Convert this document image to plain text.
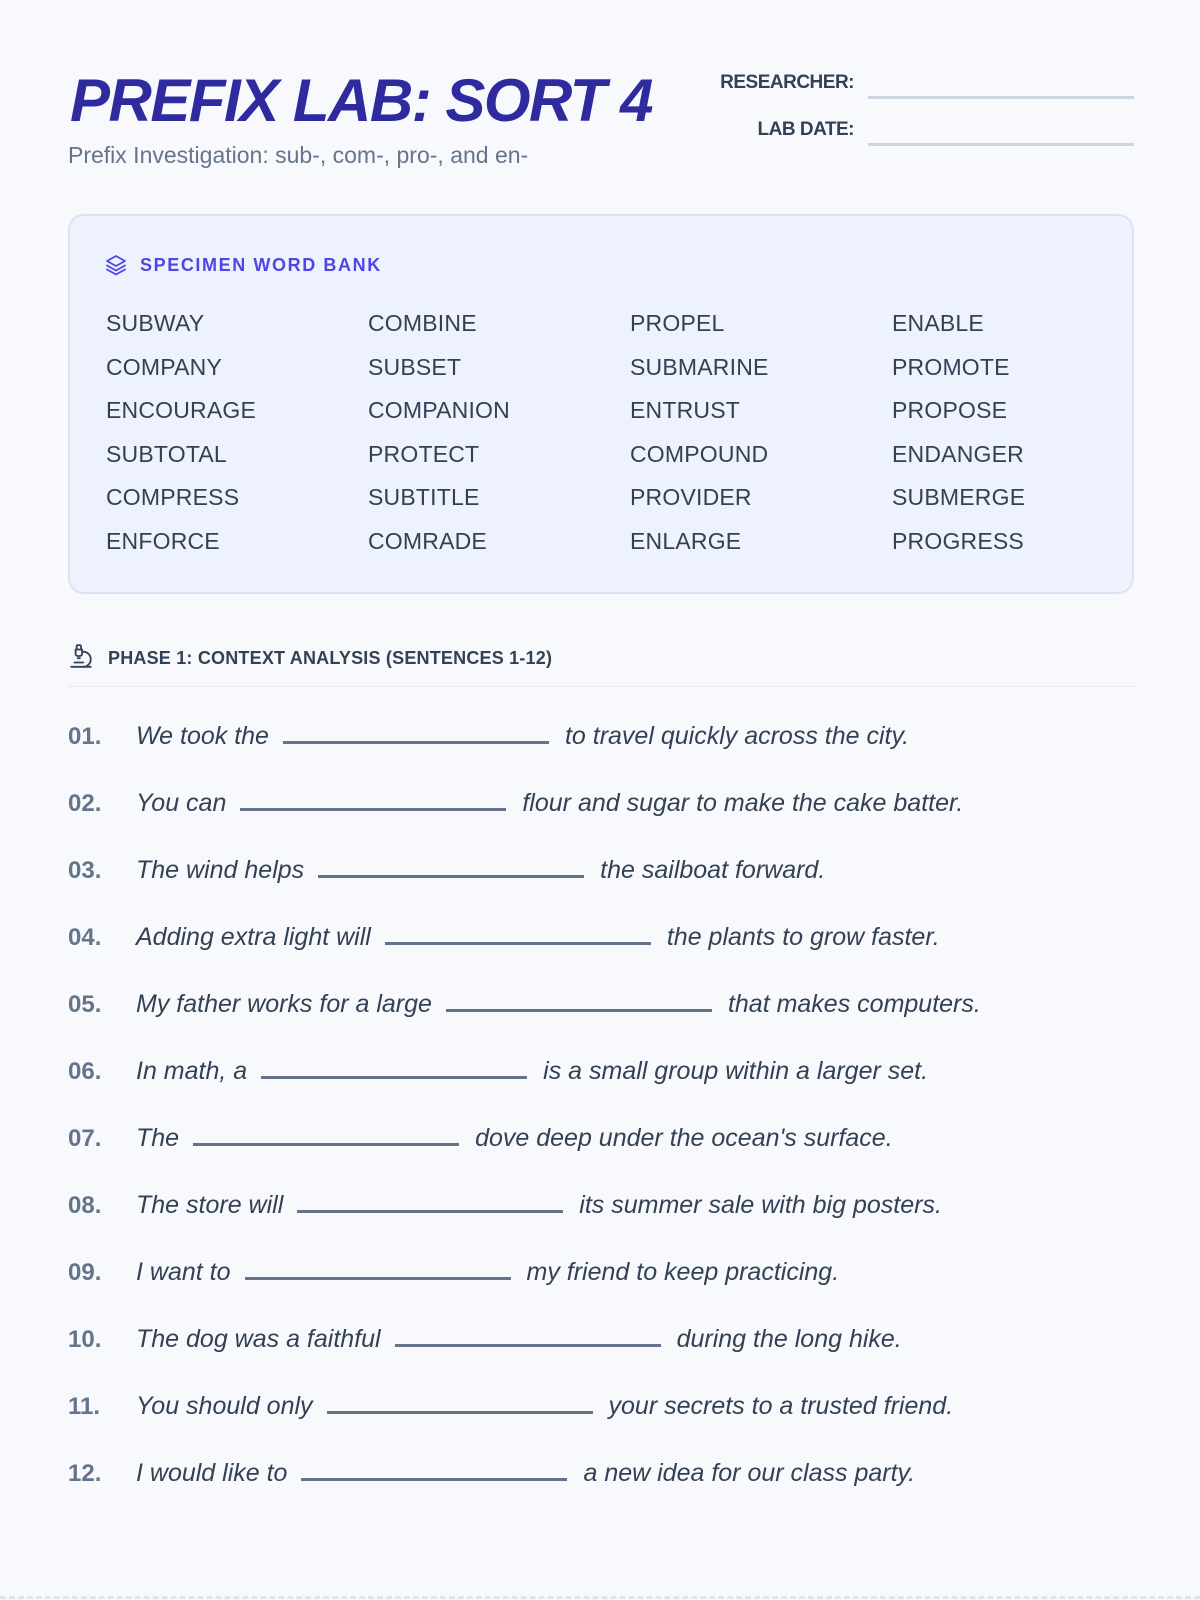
PREFIX LAB: SORT 4
Prefix Investigation: sub-, com-, pro-, and en-
RESEARCHER:
LAB DATE:
SPECIMEN WORD BANK
SUBWAY	COMBINE	PROPEL	ENABLE
COMPANY	SUBSET	SUBMARINE	PROMOTE
ENCOURAGE	COMPANION	ENTRUST	PROPOSE
SUBTOTAL	PROTECT	COMPOUND	ENDANGER
COMPRESS	SUBTITLE	PROVIDER	SUBMERGE
ENFORCE	COMRADE	ENLARGE	PROGRESS
PHASE 1: CONTEXT ANALYSIS (SENTENCES 1-12)
01.	We took the	to travel quickly across the city.
02.	You can	flour and sugar to make the cake batter.
03.	The wind helps	the sailboat forward.
04.	Adding extra light will	the plants to grow faster.
05.	My father works for a large	that makes computers.
06.	In math, a	is a small group within a larger set.
07.	The	dove deep under the ocean's surface.
08.	The store will	its summer sale with big posters.
09.	I want to	my friend to keep practicing.
10.	The dog was a faithful	during the long hike.
11.	You should only	your secrets to a trusted friend.
12.	I would like to	a new idea for our class party.
